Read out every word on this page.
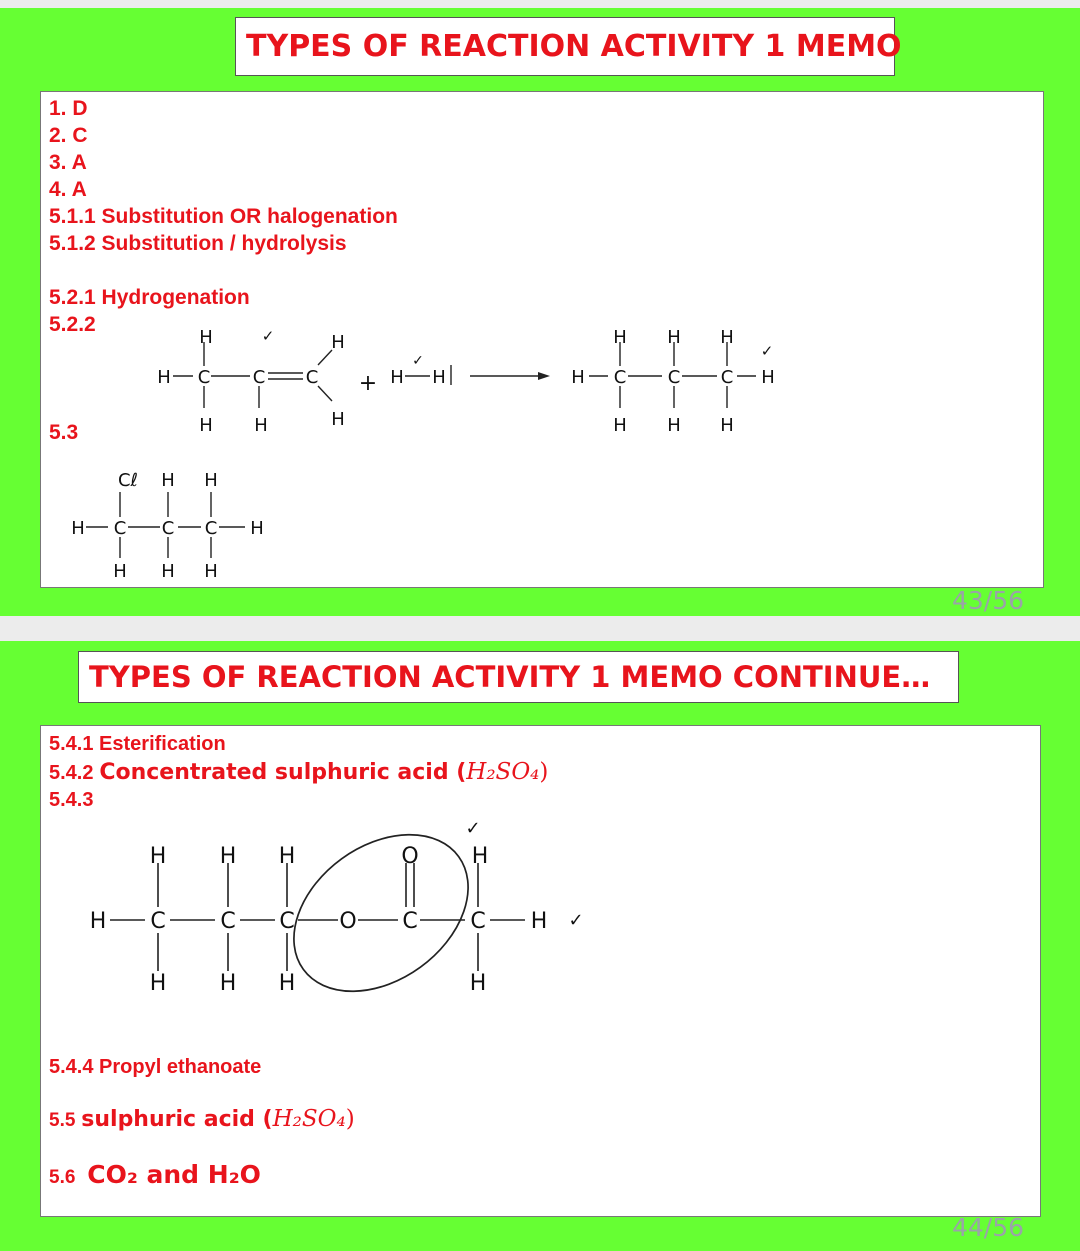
TYPES OF REACTION ACTIVITY 1 MEMO
1. D
2. C
3. A
4. A
5.1.1 Substitution OR halogenation
5.1.2 Substitution / hydrolysis
5.2.1 Hydrogenation
5.2.2
5.3
H C C C
H
H H
H
H
+ H H	H C C C H
H H H
H H H
✓
✓
✓
H C C C H
Cℓ H H
H H H
43/56
TYPES OF REACTION ACTIVITY 1 MEMO CONTINUE…
5.4.1 Esterification
5.4.2 Concentrated sulphuric acid (H₂SO₄)
5.4.3
5.4.4 Propyl ethanoate
5.5 sulphuric acid (H₂SO₄)
5.6 CO₂ and H₂O
H C C C O C C H
H H H	O H
H H H	H
✓
✓
44/56
